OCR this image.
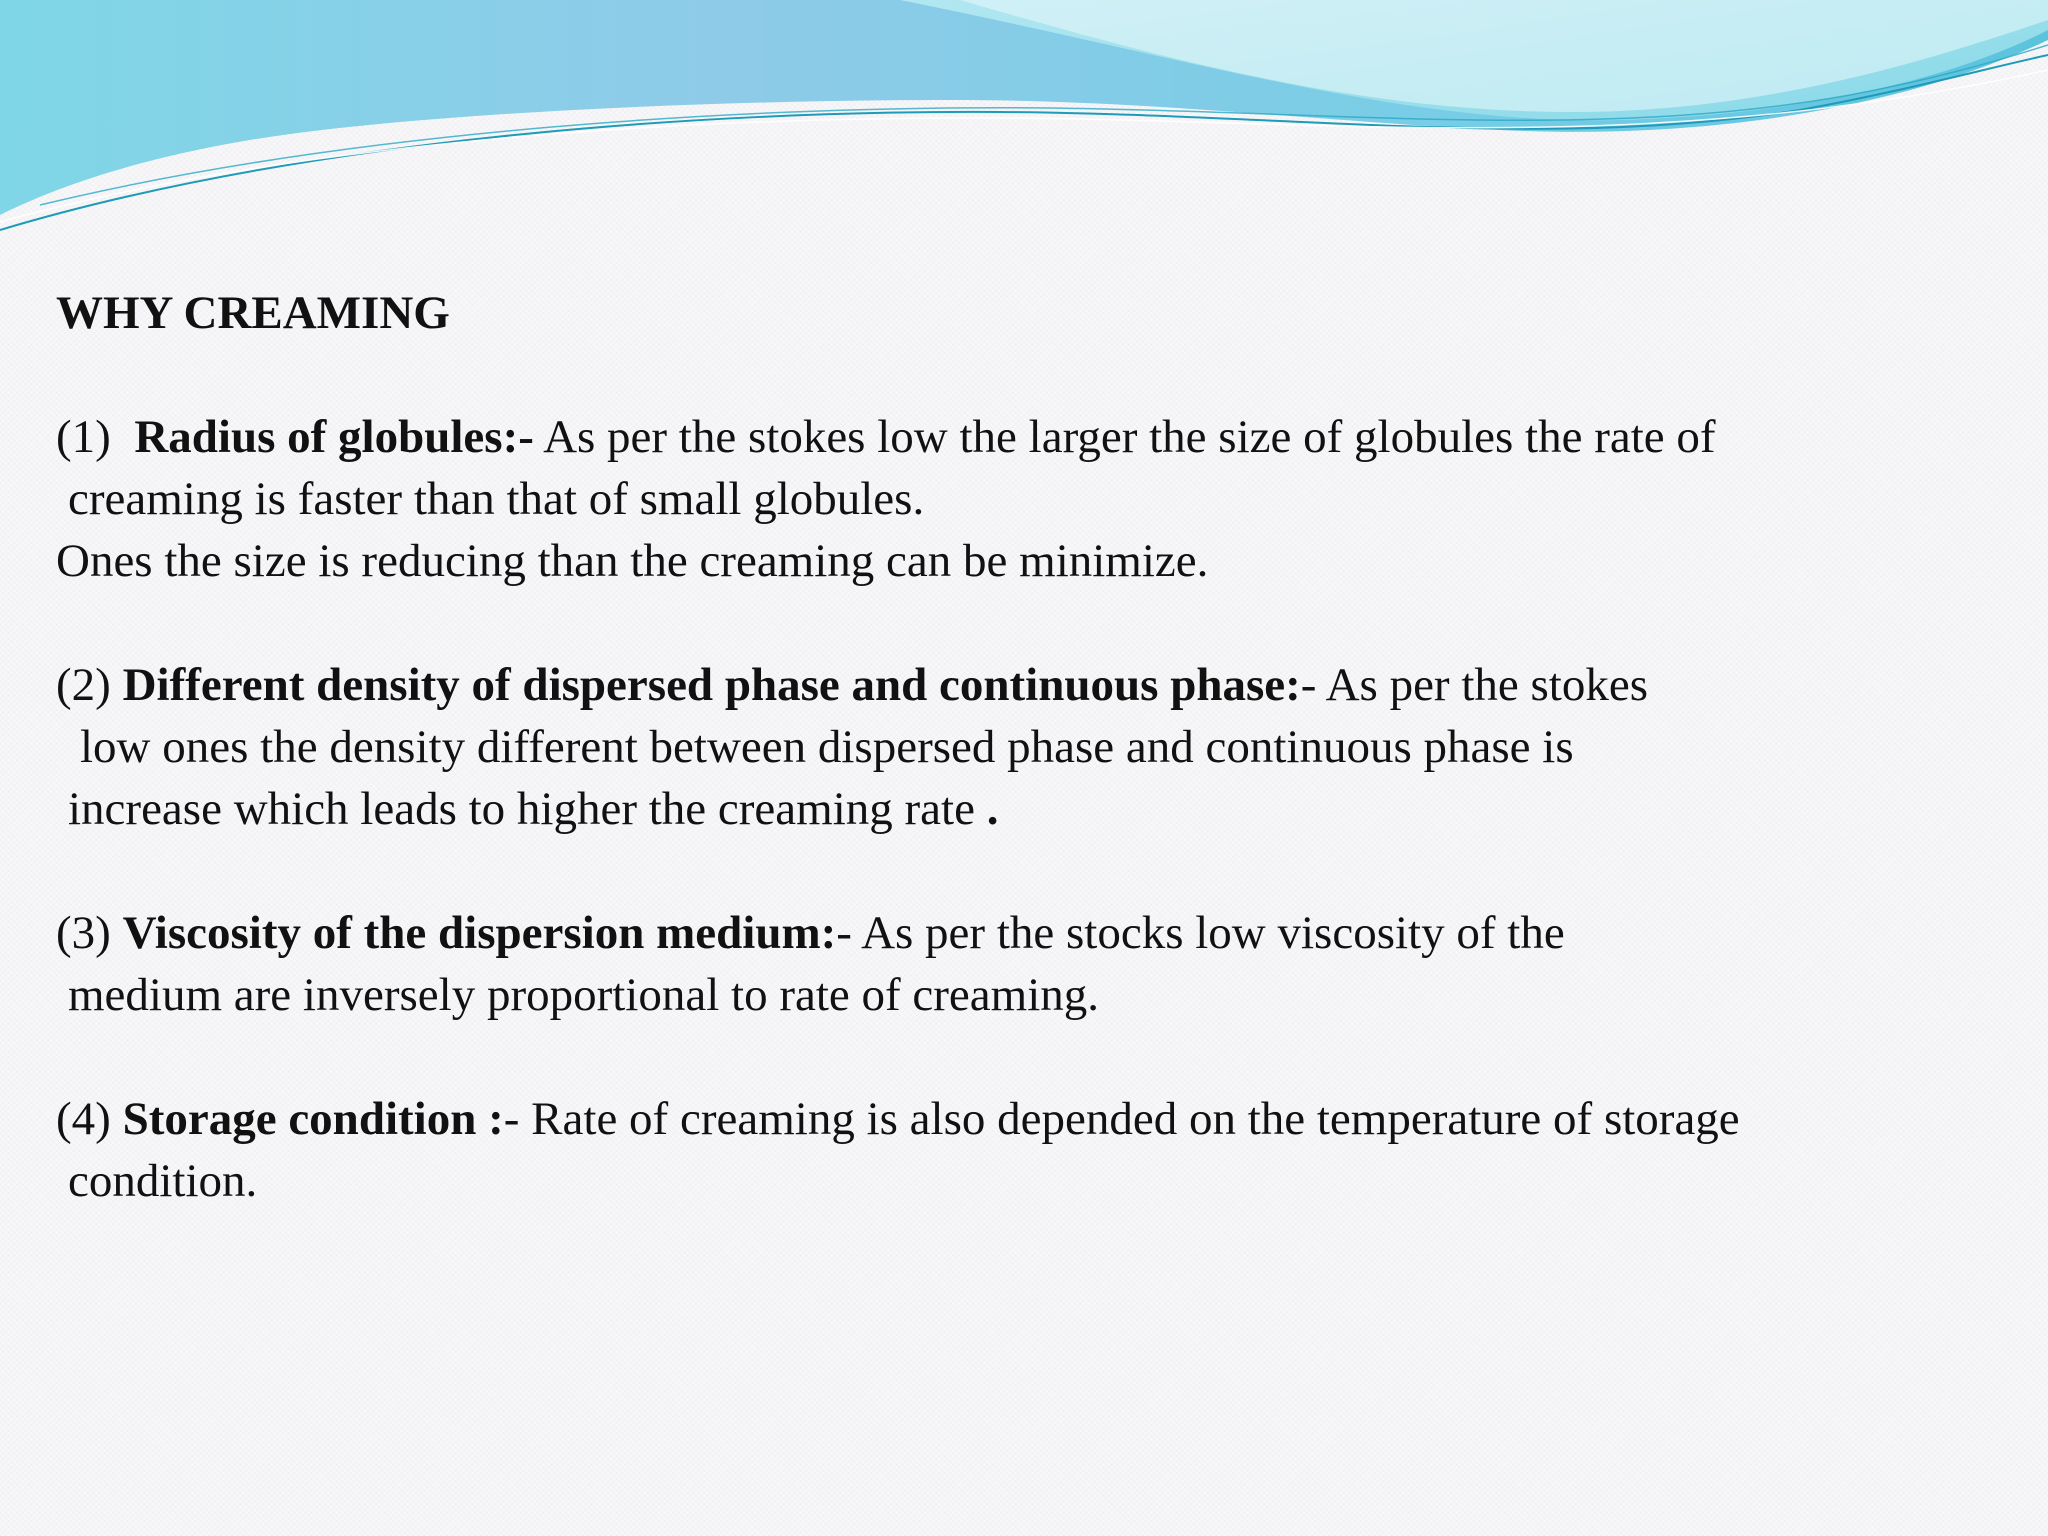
WHY CREAMING

(1) Radius of globules:- As per the stokes low the larger the size of globules the rate of

creaming is faster than that of small globules.

Ones the size is reducing than the creaming can be minimize.

(2) Different density of dispersed phase and continuous phase:- As per the stokes

low ones the density different between dispersed phase and continuous phase is

increase which leads to higher the creaming rate .

(3) Viscosity of the dispersion medium:- As per the stocks low viscosity of the

medium are inversely proportional to rate of creaming.

(4) Storage condition :- Rate of creaming is also depended on the temperature of storage

condition.
